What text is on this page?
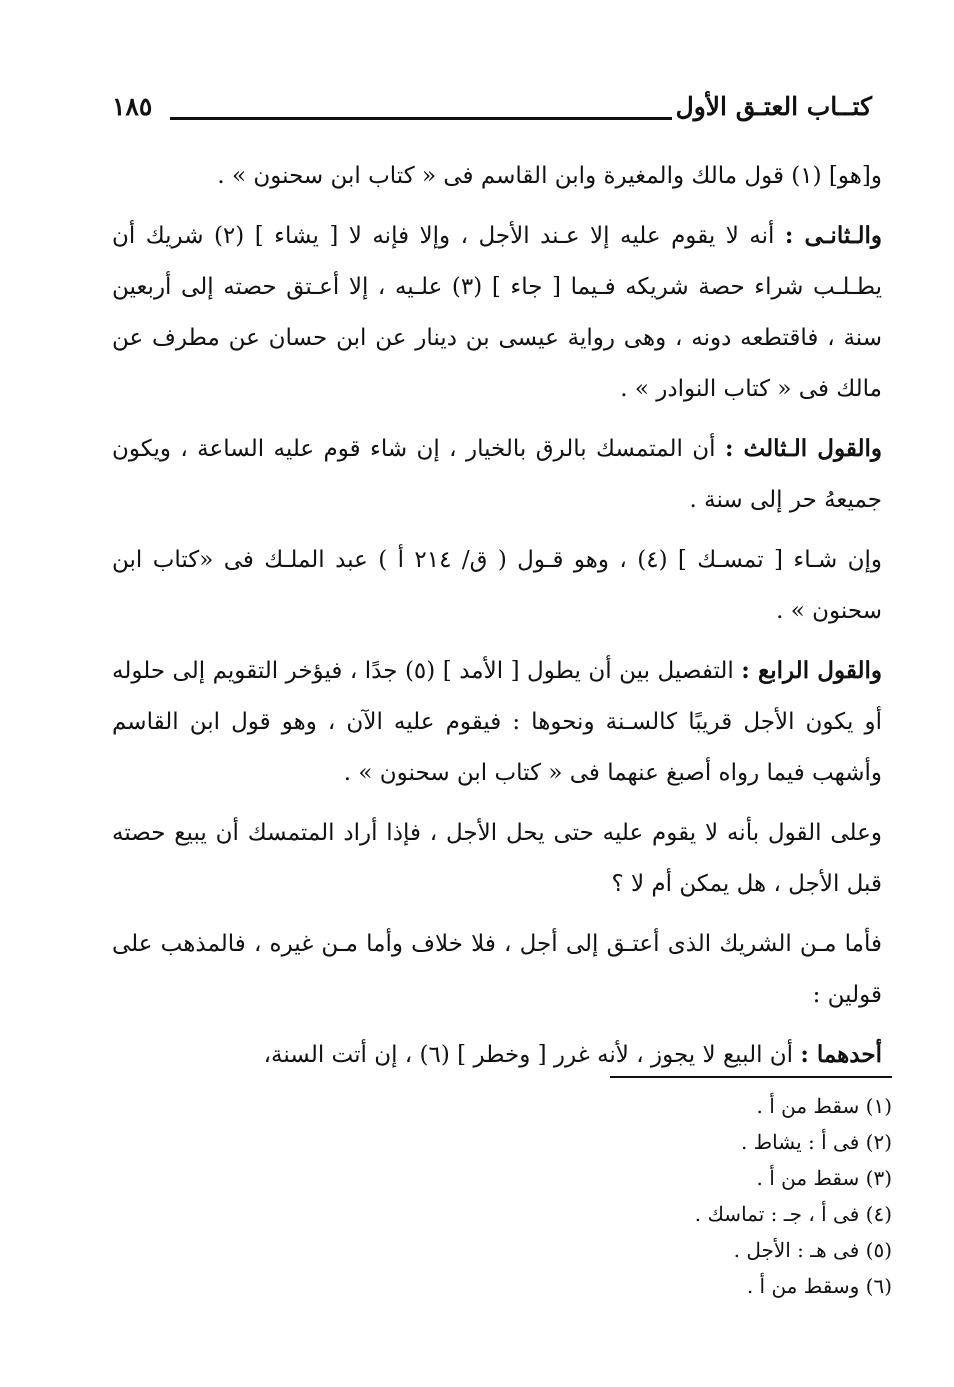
كتــاب العتـق الأول
١٨٥

و[هو] (١) قول مالك والمغيرة وابن القاسم فى « كتاب ابن سحنون » .

والـثانـى : أنه لا يقوم عليه إلا عـند الأجل ، وإلا فإنه لا [ يشاء ] (٢) شريك أن يطـلـب شراء حصة شريكه فـيما [ جاء ] (٣) علـيه ، إلا أعـتق حصته إلى أربعين سنة ، فاقتطعه دونه ، وهى رواية عيسى بن دينار عن ابن حسان عن مطرف عن مالك فى « كتاب النوادر » .

والقول الـثالث : أن المتمسك بالرق بالخيار ، إن شاء قوم عليه الساعة ، ويكون جميعهُ حر إلى سنة .

وإن شـاء [ تمسـك ] (٤) ، وهو قـول ( ق/ ٢١٤ أ ) عبد الملـك فى «كتاب ابن سحنون » .

والقول الرابع : التفصيل بين أن يطول [ الأمد ] (٥) جدًا ، فيؤخر التقويم إلى حلوله أو يكون الأجل قريبًا كالسـنة ونحوها : فيقوم عليه الآن ، وهو قول ابن القاسم وأشهب فيما رواه أصبغ عنهما فى « كتاب ابن سحنون » .

وعلى القول بأنه لا يقوم عليه حتى يحل الأجل ، فإذا أراد المتمسك أن يبيع حصته قبل الأجل ، هل يمكن أم لا ؟

فأما مـن الشريك الذى أعتـق إلى أجل ، فلا خلاف وأما مـن غيره ، فالمذهب على قولين :

أحدهما : أن البيع لا يجوز ، لأنه غرر [ وخطر ] (٦) ، إن أتت السنة،

(١) سقط من أ .
(٢) فى أ : يشاط .
(٣) سقط من أ .
(٤) فى أ ، جـ : تماسك .
(٥) فى هـ : الأجل .
(٦) وسقط من أ .
